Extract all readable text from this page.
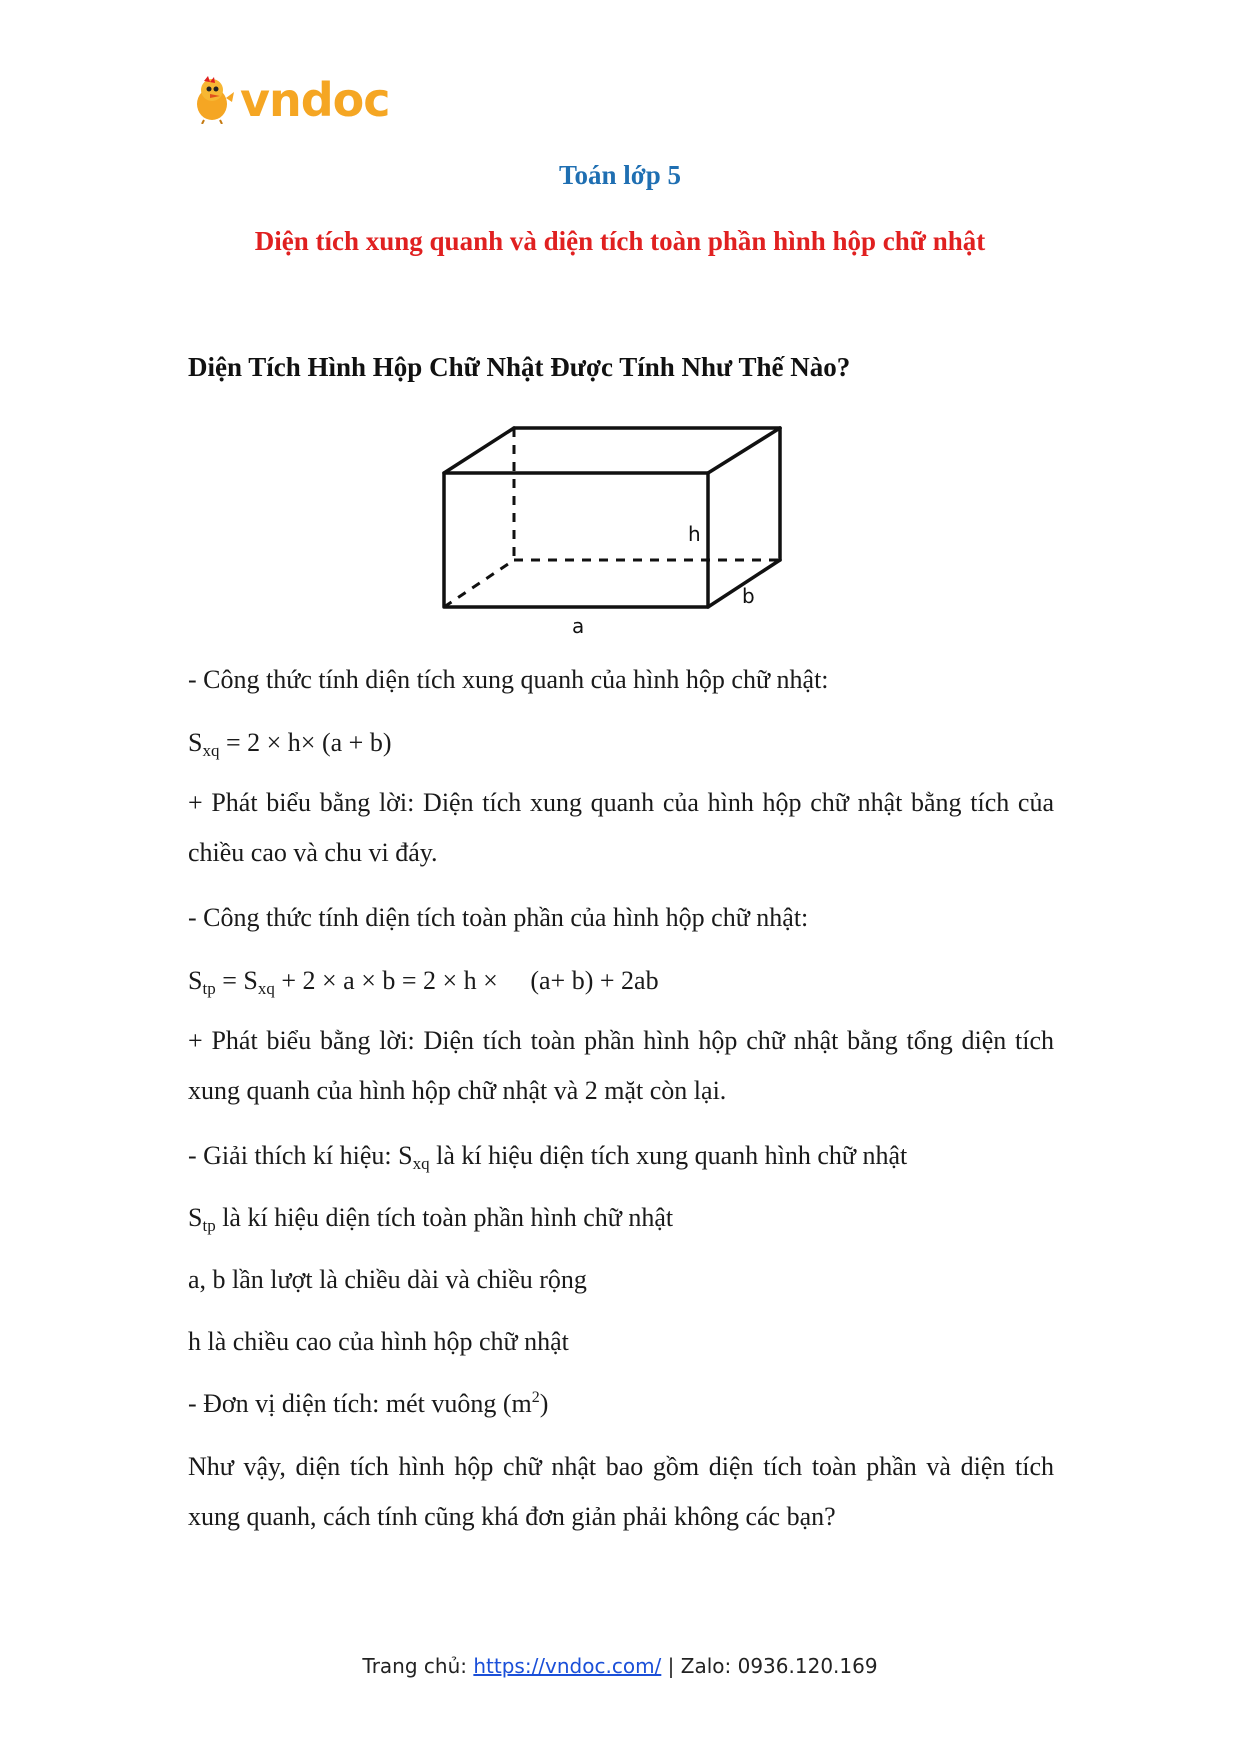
vndoc
Toán lớp 5
Diện tích xung quanh và diện tích toàn phần hình hộp chữ nhật
Diện Tích Hình Hộp Chữ Nhật Được Tính Như Thế Nào?
h
b
a

- Công thức tính diện tích xung quanh của hình hộp chữ nhật:

$S_{xq} = 2 \times h\times (a + b)$

+ Phát biểu bằng lời: Diện tích xung quanh của hình hộp chữ nhật bằng tích của chiều cao và chu vi đáy.

- Công thức tính diện tích toàn phần của hình hộp chữ nhật:

$S_{tp} = S_{xq} + 2 \times a \times b = 2 \times h$ ×     (a+ b) + 2ab

+ Phát biểu bằng lời: Diện tích toàn phần hình hộp chữ nhật bằng tổng diện tích xung quanh của hình hộp chữ nhật và 2 mặt còn lại.

- Giải thích kí hiệu: $S_{xq}$ là kí hiệu diện tích xung quanh hình chữ nhật

$S_{tp}$ là kí hiệu diện tích toàn phần hình chữ nhật

a, b lần lượt là chiều dài và chiều rộng

h là chiều cao của hình hộp chữ nhật

- Đơn vị diện tích: mét vuông $(m^2)$

Như vậy, diện tích hình hộp chữ nhật bao gồm diện tích toàn phần và diện tích xung quanh, cách tính cũng khá đơn giản phải không các bạn?

Trang chủ: https://vndoc.com/ | Zalo: 0936.120.169
